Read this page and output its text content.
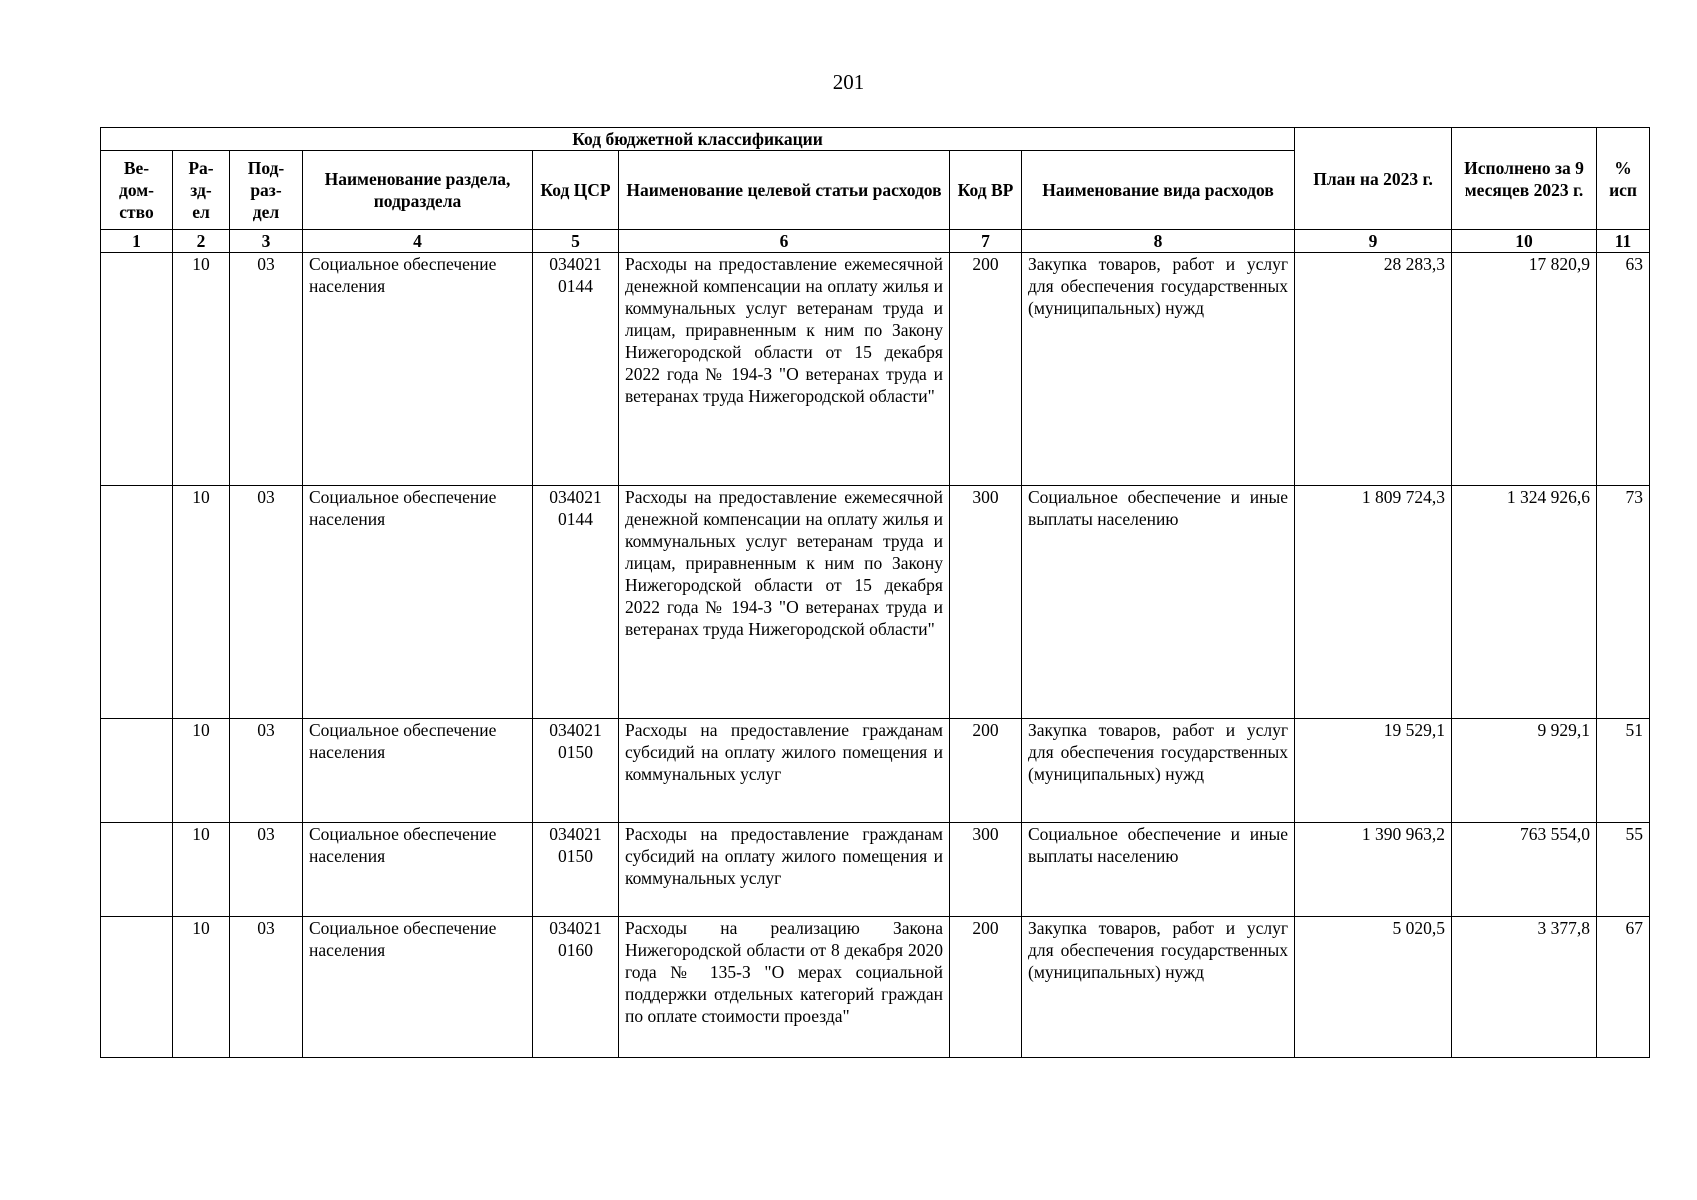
201
Код бюджетной классификации								План на 2023 г.	Исполнено за 9 месяцев 2023 г.	% исп
Ве-
дом-
ство	Ра-
зд-
ел	Под-
раз-
дел	Наименование раздела, подраздела	Код ЦСР	Наименование целевой статьи расходов	Код ВР	Наименование вида расходов			
1	2	3	4	5	6	7	8	9	10	11
	10	03	Социальное обеспечение населения	034021 0144	Расходы на предоставление ежемесячной денежной компенсации на оплату жилья и коммунальных услуг ветеранам труда и лицам, приравненным к ним по Закону Нижегородской области от 15 декабря 2022 года № 194-З "О ветеранах труда и ветеранах труда Нижегородской области"	200	Закупка товаров, работ и услуг для обеспечения государственных (муниципальных) нужд	28 283,3	17 820,9	63
	10	03	Социальное обеспечение населения	034021 0144	Расходы на предоставление ежемесячной денежной компенсации на оплату жилья и коммунальных услуг ветеранам труда и лицам, приравненным к ним по Закону Нижегородской области от 15 декабря 2022 года № 194-З "О ветеранах труда и ветеранах труда Нижегородской области"	300	Социальное обеспечение и иные выплаты населению	1 809 724,3	1 324 926,6	73
	10	03	Социальное обеспечение населения	034021 0150	Расходы на предоставление гражданам субсидий на оплату жилого помещения и коммунальных услуг	200	Закупка товаров, работ и услуг для обеспечения государственных (муниципальных) нужд	19 529,1	9 929,1	51
	10	03	Социальное обеспечение населения	034021 0150	Расходы на предоставление гражданам субсидий на оплату жилого помещения и коммунальных услуг	300	Социальное обеспечение и иные выплаты населению	1 390 963,2	763 554,0	55
	10	03	Социальное обеспечение населения	034021 0160	Расходы на реализацию Закона Нижегородской области от 8 декабря 2020 года № 135-З "О мерах социальной поддержки отдельных категорий граждан по оплате стоимости проезда"	200	Закупка товаров, работ и услуг для обеспечения государственных (муниципальных) нужд	5 020,5	3 377,8	67
